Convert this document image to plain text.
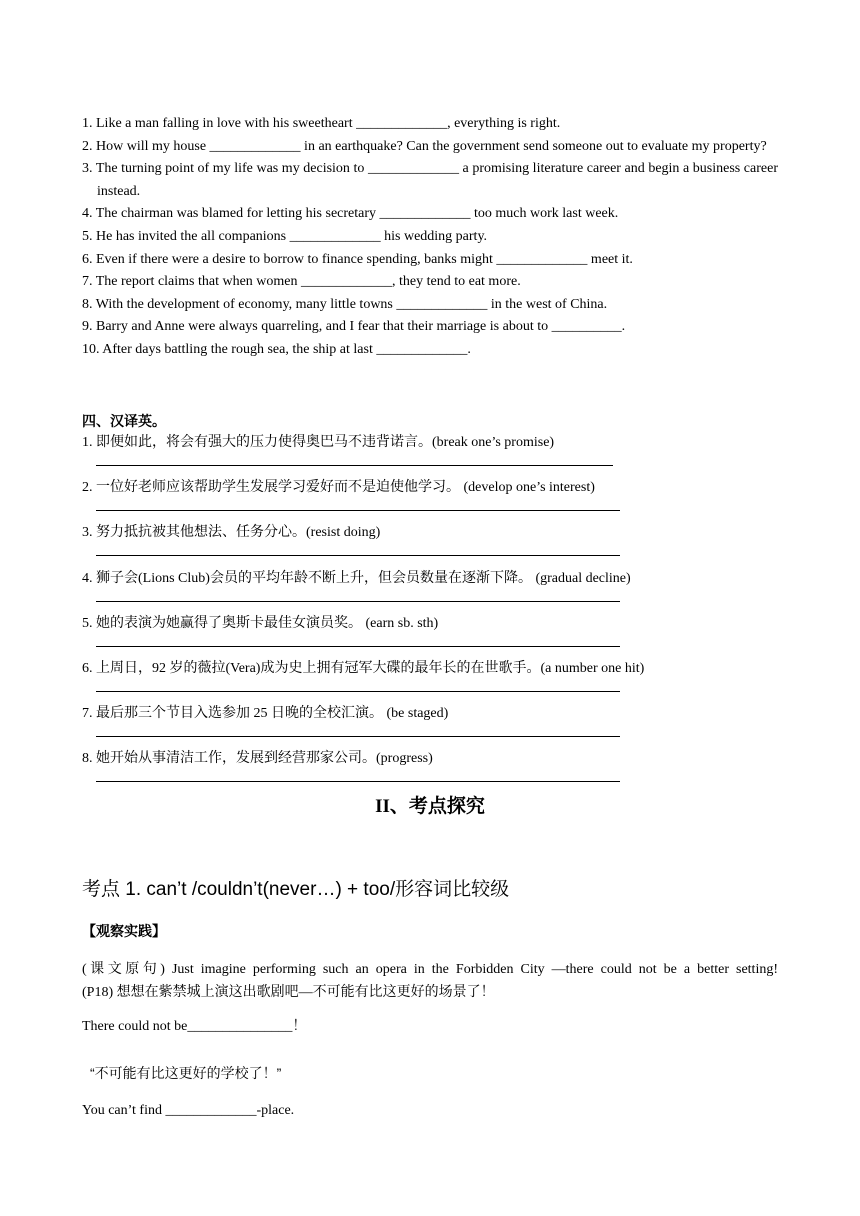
1. Like a man falling in love with his sweetheart _____________, everything is right.
2. How will my house _____________ in an earthquake? Can the government send someone out to evaluate my property?
3. The turning point of my life was my decision to _____________ a promising literature career and begin a business career instead.
4. The chairman was blamed for letting his secretary _____________ too much work last week.
5. He has invited the all companions _____________ his wedding party.
6. Even if there were a desire to borrow to finance spending, banks might _____________ meet it.
7. The report claims that when women _____________, they tend to eat more.
8. With the development of economy, many little towns _____________ in the west of China.
9. Barry and Anne were always quarreling, and I fear that their marriage is about to __________.
10. After days battling the rough sea, the ship at last _____________.
四、汉译英。
1. 即便如此，将会有强大的压力使得奥巴马不违背诺言。(break one’s promise)
2. 一位好老师应该帮助学生发展学习爱好而不是迫使他学习。 (develop one’s interest)
3. 努力抵抗被其他想法、任务分心。(resist doing)
4. 狮子会(Lions Club)会员的平均年龄不断上升，但会员数量在逐渐下降。 (gradual decline)
5. 她的表演为她赢得了奥斯卡最佳女演员奖。 (earn sb. sth)
6. 上周日，92 岁的薇拉(Vera)成为史上拥有冠军大碟的最年长的在世歌手。(a number one hit)
7. 最后那三个节目入选参加 25 日晚的全校汇演。 (be staged)
8. 她开始从事清洁工作，发展到经营那家公司。(progress)
II、考点探究
考点 1. can’t /couldn’t(never…) + too/形容词比较级
【观察实践】
(课文原句) Just imagine performing such an opera in the Forbidden City —there could not be a better setting!
(P18) 想想在紫禁城上演这出歌剧吧—不可能有比这更好的场景了！
There could not be_______________！
“不可能有比这更好的学校了！”
You can’t find _____________-place.
